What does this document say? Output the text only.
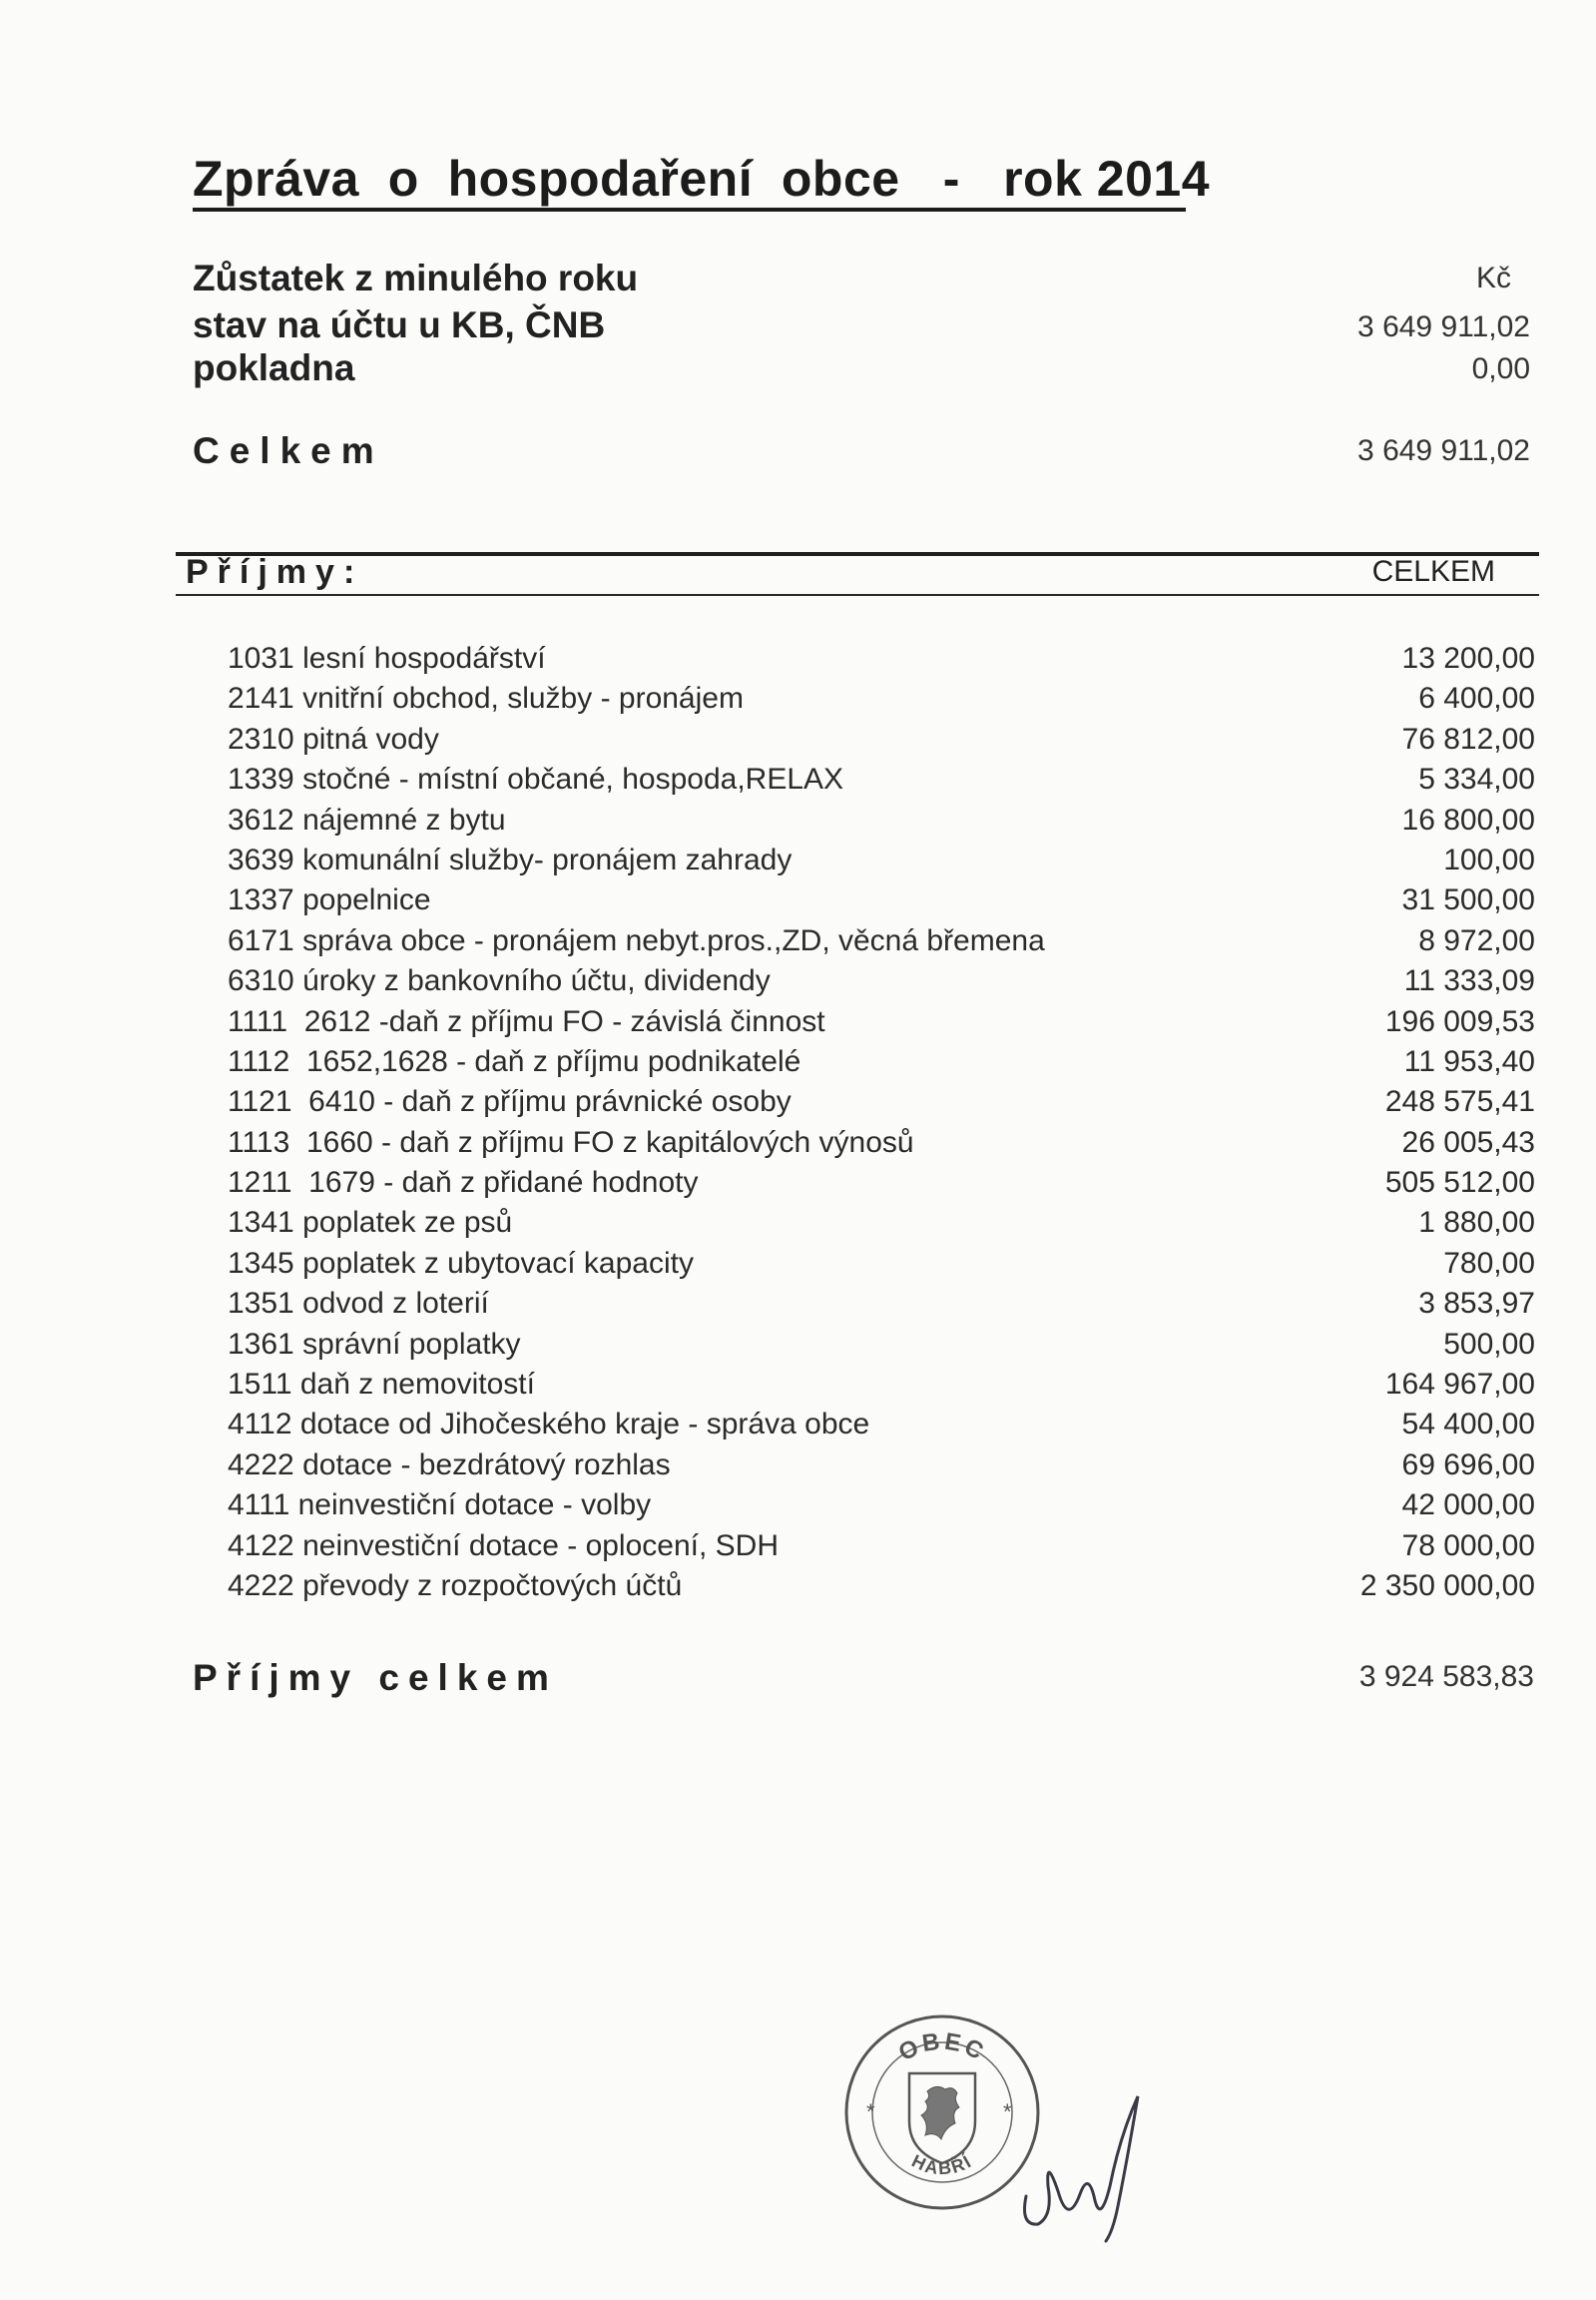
Zpráva  o  hospodaření  obce   -   rok 2014
Zůstatek z minulého roku	Kč
stav na účtu u KB, ČNB	3 649 911,02
pokladna	0,00
Celkem	3 649 911,02
Příjmy:	CELKEM
1031 lesní hospodářství	13 200,00
2141 vnitřní obchod, služby - pronájem	6 400,00
2310 pitná vody	76 812,00
1339 stočné - místní občané, hospoda,RELAX	5 334,00
3612 nájemné z bytu	16 800,00
3639 komunální služby- pronájem zahrady	100,00
1337 popelnice	31 500,00
6171 správa obce - pronájem nebyt.pros.,ZD, věcná břemena	8 972,00
6310 úroky z bankovního účtu, dividendy	11 333,09
1111  2612 -daň z příjmu FO - závislá činnost	196 009,53
1112  1652,1628 - daň z příjmu podnikatelé	11 953,40
1121  6410 - daň z příjmu právnické osoby	248 575,41
1113  1660 - daň z příjmu FO z kapitálových výnosů	26 005,43
1211  1679 - daň z přidané hodnoty	505 512,00
1341 poplatek ze psů	1 880,00
1345 poplatek z ubytovací kapacity	780,00
1351 odvod z loterií	3 853,97
1361 správní poplatky	500,00
1511 daň z nemovitostí	164 967,00
4112 dotace od Jihočeského kraje - správa obce	54 400,00
4222 dotace - bezdrátový rozhlas	69 696,00
4111 neinvestiční dotace - volby	42 000,00
4122 neinvestiční dotace - oplocení, SDH	78 000,00
4222 převody z rozpočtových účtů	2 350 000,00
Příjmy celkem	3 924 583,83
OBEC
HABŘÍ
*	*
